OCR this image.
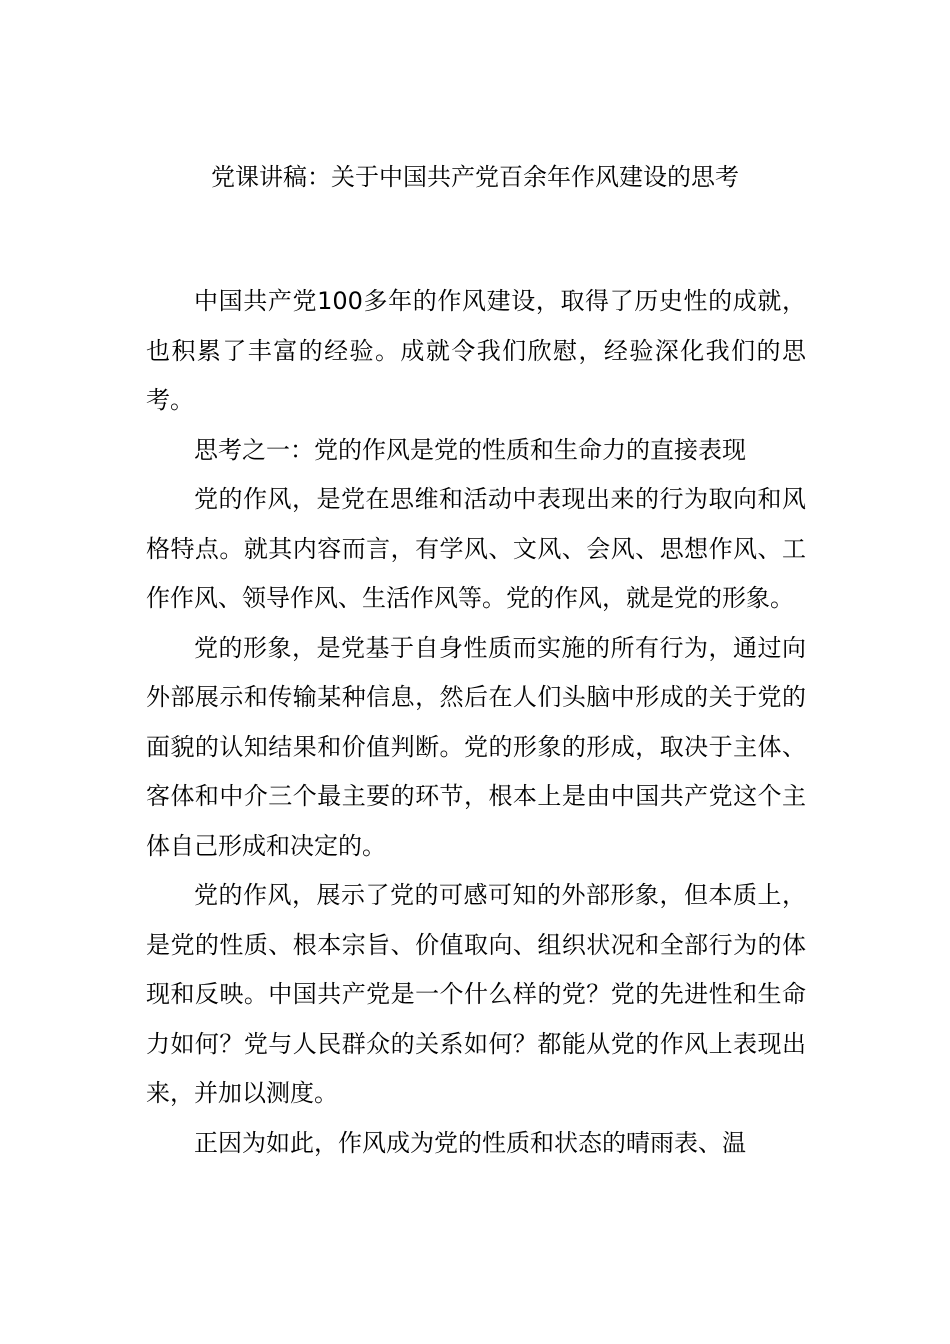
党课讲稿：关于中国共产党百余年作风建设的思考

中国共产党100多年的作风建设，取得了历史性的成就，也积累了丰富的经验。成就令我们欣慰，经验深化我们的思考。

思考之一：党的作风是党的性质和生命力的直接表现

党的作风，是党在思维和活动中表现出来的行为取向和风格特点。就其内容而言，有学风、文风、会风、思想作风、工作作风、领导作风、生活作风等。党的作风，就是党的形象。

党的形象，是党基于自身性质而实施的所有行为，通过向外部展示和传输某种信息，然后在人们头脑中形成的关于党的面貌的认知结果和价值判断。党的形象的形成，取决于主体、客体和中介三个最主要的环节，根本上是由中国共产党这个主体自己形成和决定的。

党的作风，展示了党的可感可知的外部形象，但本质上，是党的性质、根本宗旨、价值取向、组织状况和全部行为的体现和反映。中国共产党是一个什么样的党？党的先进性和生命力如何？党与人民群众的关系如何？都能从党的作风上表现出来，并加以测度。

正因为如此，作风成为党的性质和状态的晴雨表、温
